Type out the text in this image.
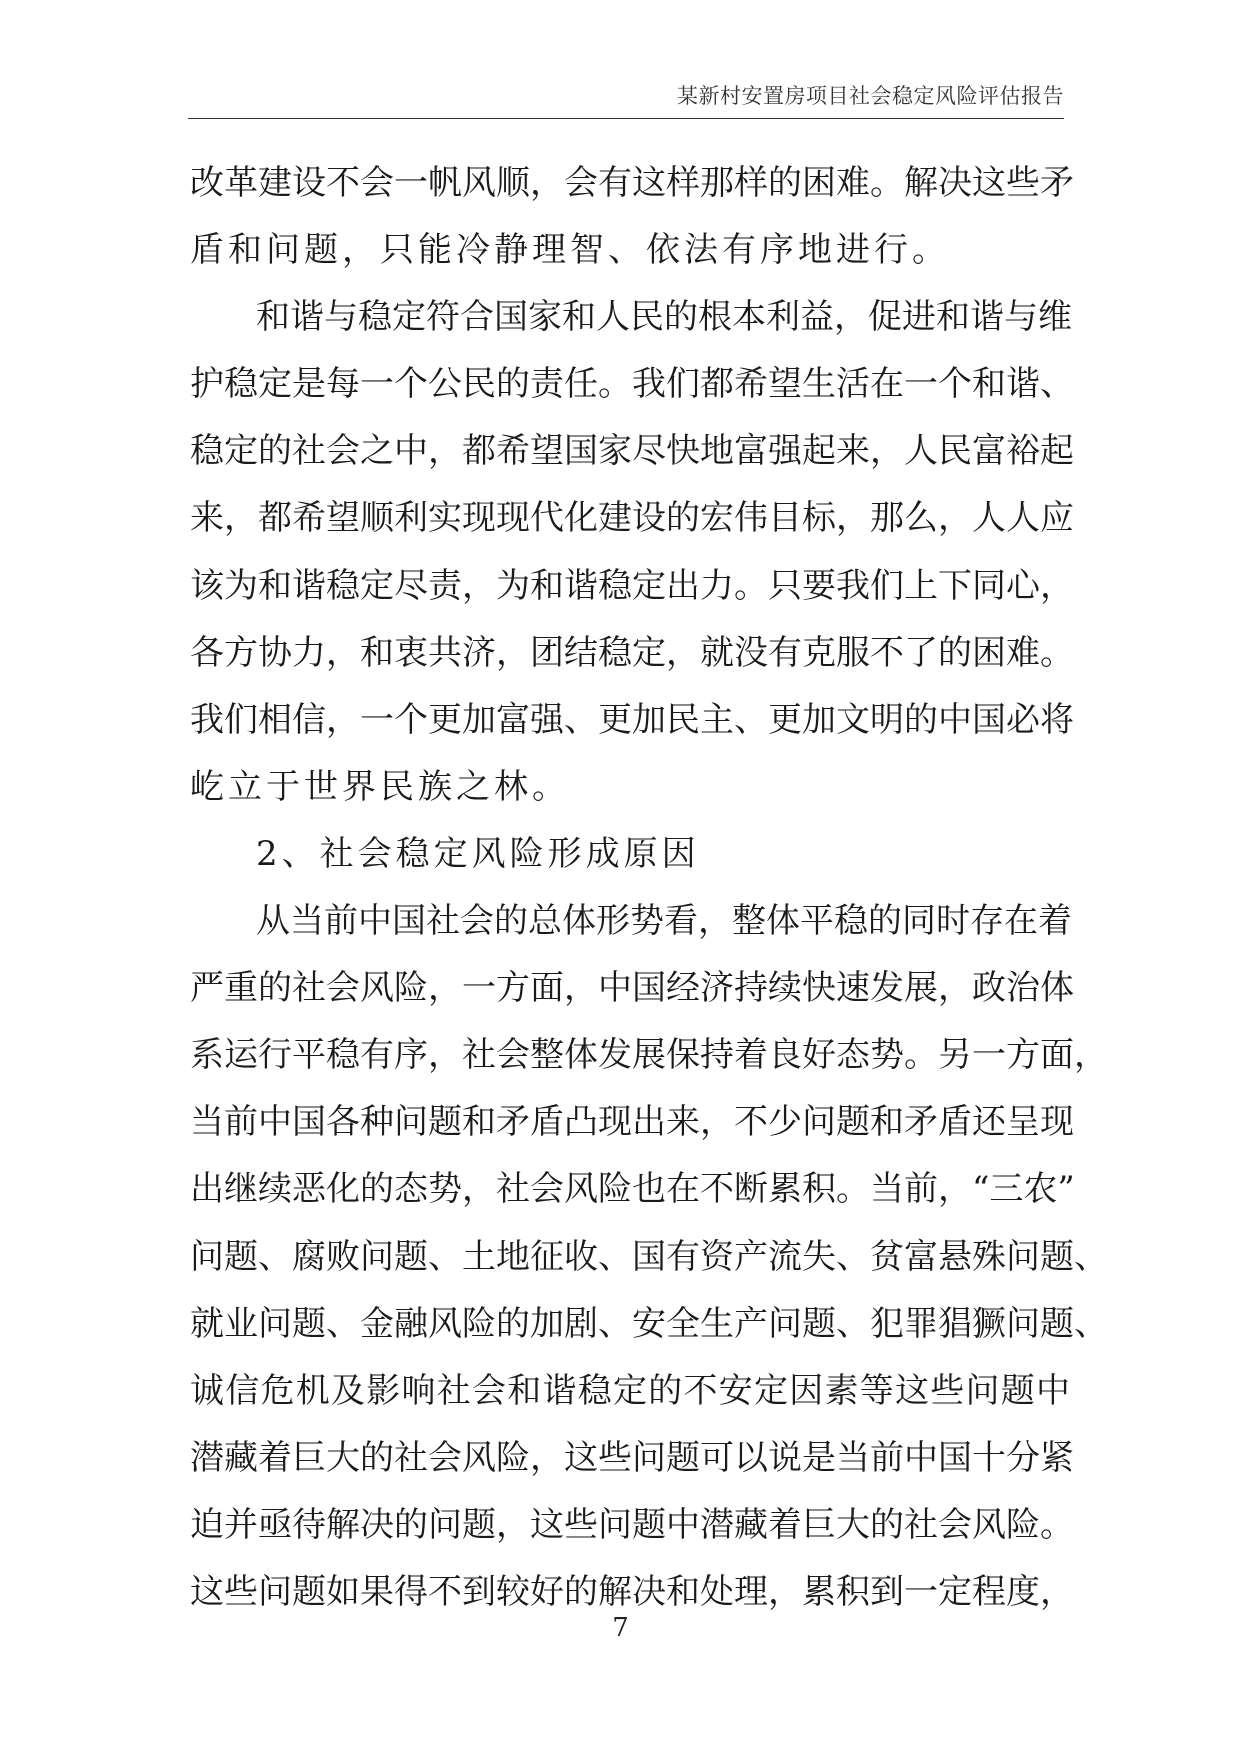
某新村安置房项目社会稳定风险评估报告
改革建设不会一帆风顺，会有这样那样的困难。解决这些矛
盾和问题，只能冷静理智、依法有序地进行。
和谐与稳定符合国家和人民的根本利益，促进和谐与维
护稳定是每一个公民的责任。我们都希望生活在一个和谐、
稳定的社会之中，都希望国家尽快地富强起来，人民富裕起
来，都希望顺利实现现代化建设的宏伟目标，那么，人人应
该为和谐稳定尽责，为和谐稳定出力。只要我们上下同心，
各方协力，和衷共济，团结稳定，就没有克服不了的困难。
我们相信，一个更加富强、更加民主、更加文明的中国必将
屹立于世界民族之林。
2、社会稳定风险形成原因
从当前中国社会的总体形势看，整体平稳的同时存在着
严重的社会风险，一方面，中国经济持续快速发展，政治体
系运行平稳有序，社会整体发展保持着良好态势。另一方面，
当前中国各种问题和矛盾凸现出来，不少问题和矛盾还呈现
出继续恶化的态势，社会风险也在不断累积。当前，“三农”
问题、腐败问题、土地征收、国有资产流失、贫富悬殊问题、
就业问题、金融风险的加剧、安全生产问题、犯罪猖獗问题、
诚信危机及影响社会和谐稳定的不安定因素等这些问题中
潜藏着巨大的社会风险，这些问题可以说是当前中国十分紧
迫并亟待解决的问题，这些问题中潜藏着巨大的社会风险。
这些问题如果得不到较好的解决和处理，累积到一定程度，
7
